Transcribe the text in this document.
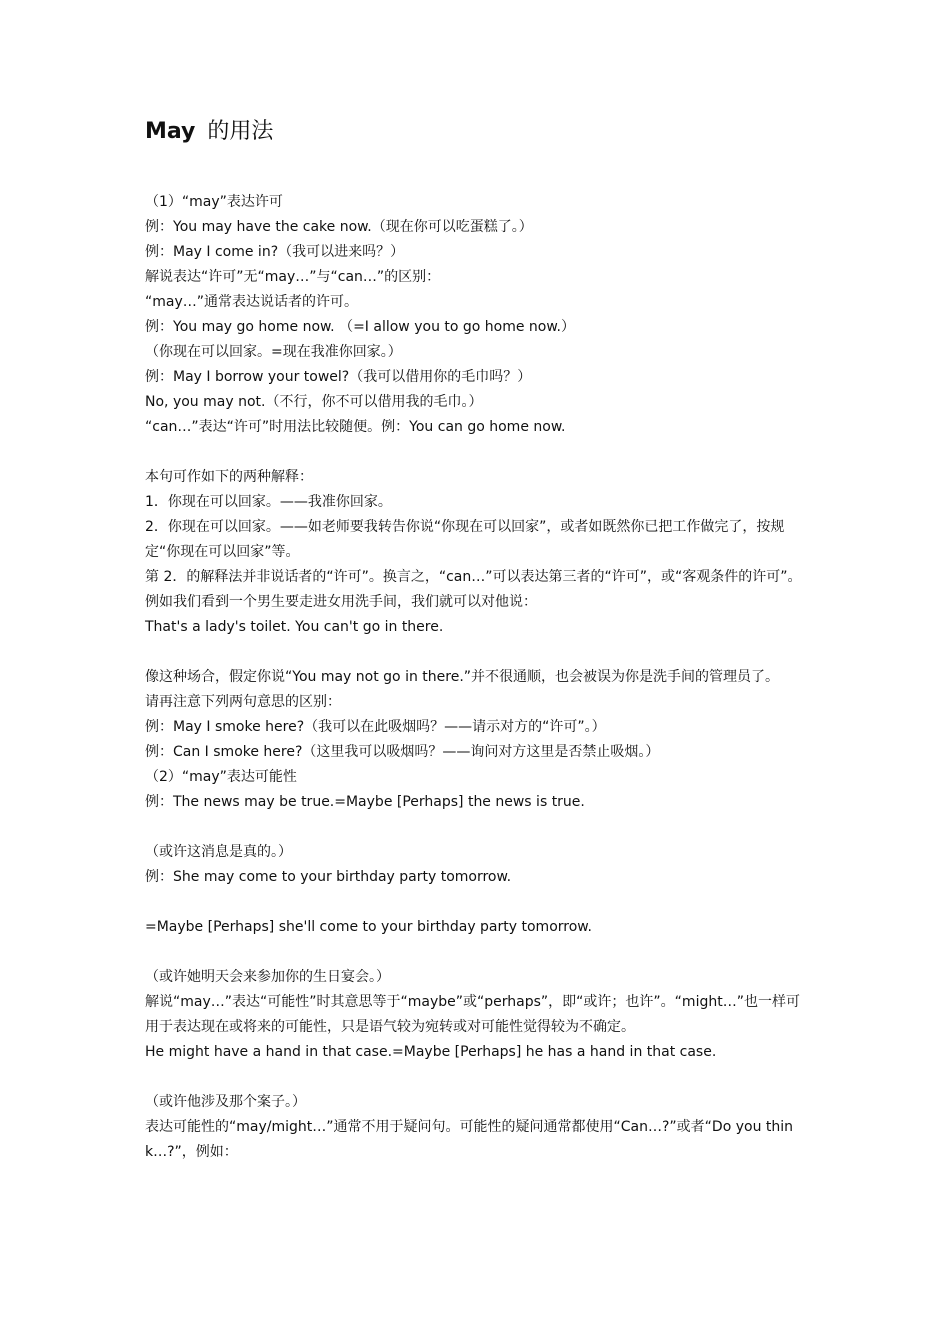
May 的用法
（1）“may”表达许可
例：You may have the cake now.（现在你可以吃蛋糕了。）
例：May I come in?（我可以进来吗？）
解说表达“许可”无“may…”与“can…”的区别：
“may…”通常表达说话者的许可。
例：You may go home now. （=I allow you to go home now.）
（你现在可以回家。=现在我准你回家。）
例：May I borrow your towel?（我可以借用你的毛巾吗？）
No, you may not.（不行，你不可以借用我的毛巾。）
“can…”表达“许可”时用法比较随便。例：You can go home now.
本句可作如下的两种解释：
1．你现在可以回家。——我准你回家。
2．你现在可以回家。——如老师要我转告你说“你现在可以回家”，或者如既然你已把工作做完了，按规定“你现在可以回家”等。
第 2．的解释法并非说话者的“许可”。换言之，“can…”可以表达第三者的“许可”，或“客观条件的许可”。例如我们看到一个男生要走进女用洗手间，我们就可以对他说：
That's a lady's toilet. You can't go in there.
像这种场合，假定你说“You may not go in there.”并不很通顺，也会被误为你是洗手间的管理员了。
请再注意下列两句意思的区别：
例：May I smoke here?（我可以在此吸烟吗？——请示对方的“许可”。）
例：Can I smoke here?（这里我可以吸烟吗？——询问对方这里是否禁止吸烟。）
（2）“may”表达可能性
例：The news may be true.=Maybe [Perhaps] the news is true.
（或许这消息是真的。）
例：She may come to your birthday party tomorrow.
=Maybe [Perhaps] she'll come to your birthday party tomorrow.
（或许她明天会来参加你的生日宴会。）
解说“may…”表达“可能性”时其意思等于“maybe”或“perhaps”，即“或许；也许”。“might…”也一样可用于表达现在或将来的可能性，只是语气较为宛转或对可能性觉得较为不确定。
He might have a hand in that case.=Maybe [Perhaps] he has a hand in that case.
（或许他涉及那个案子。）
表达可能性的“may/might…”通常不用于疑问句。可能性的疑问通常都使用“Can…?”或者“Do you think…?”，例如：
